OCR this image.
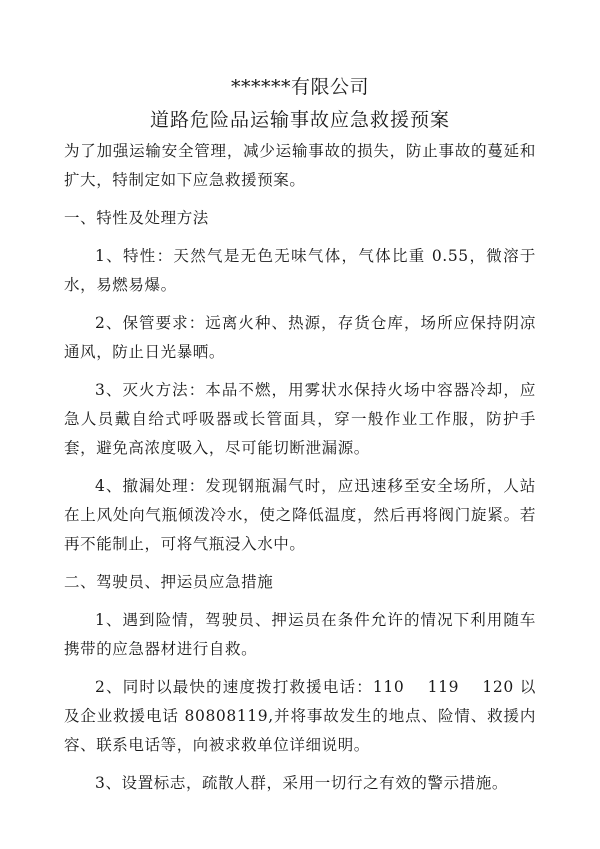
******有限公司
道路危险品运输事故应急救援预案

为了加强运输安全管理，减少运输事故的损失，防止事故的蔓延和扩大，特制定如下应急救援预案。

一、特性及处理方法

1、特性：天然气是无色无味气体，气体比重 0.55，微溶于水，易燃易爆。

2、保管要求：远离火种、热源，存货仓库，场所应保持阴凉通风，防止日光暴晒。

3、灭火方法：本品不燃，用雾状水保持火场中容器冷却，应急人员戴自给式呼吸器或长管面具，穿一般作业工作服，防护手套，避免高浓度吸入，尽可能切断泄漏源。

4、撤漏处理：发现钢瓶漏气时，应迅速移至安全场所，人站在上风处向气瓶倾泼冷水，使之降低温度，然后再将阀门旋紧。若再不能制止，可将气瓶浸入水中。

二、驾驶员、押运员应急措施

1、遇到险情，驾驶员、押运员在条件允许的情况下利用随车携带的应急器材进行自救。

2、同时以最快的速度拨打救援电话：110　 119　 120 以及企业救援电话 80808119,并将事故发生的地点、险情、救援内容、联系电话等，向被求救单位详细说明。

3、设置标志，疏散人群，采用一切行之有效的警示措施。
